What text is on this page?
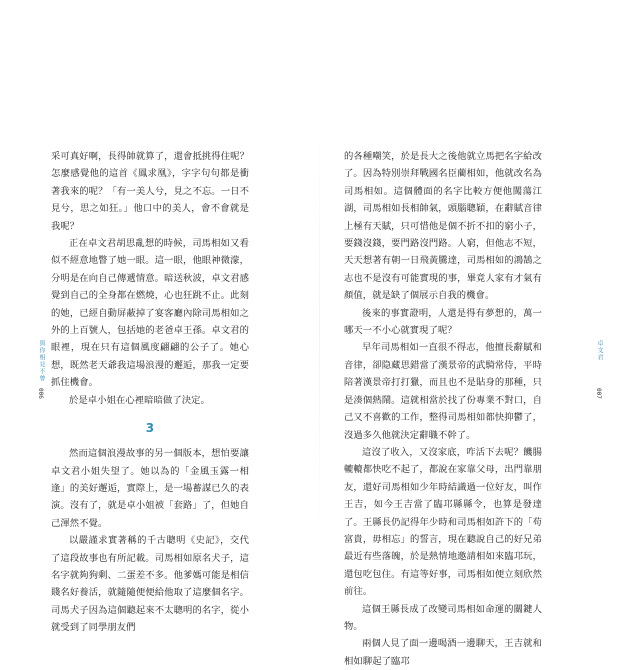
采可真好啊，長得帥就算了，還會抵挑得住呢？怎麼感覺他的這首《鳳求凰》，字字句句都是衝著我來的呢？「有一美人兮，見之不忘。一日不見兮，思之如狂。」他口中的美人，會不會就是我呢？

正在卓文君胡思亂想的時候，司馬相如又看似不經意地瞥了她一眼。這一眼，他眼神微濛，分明是在向自己傳遞情意。暗送秋波，卓文君感覺到自己的全身都在燃燒，心也狂跳不止。此刻的她，已經自動屏蔽掉了宴客廳內除司馬相如之外的上百號人，包括她的老爸卓王孫。卓文君的眼裡，現在只有這個風度翩翩的公子了。她心想，既然老天爺我這場浪漫的邂逅，那我一定要抓住機會。

於是卓小姐在心裡暗暗做了決定。

3

然而這個浪漫故事的另一個版本，想怕要讓卓文君小姐失望了。她以為的「金風玉露一相逢」的美好邂逅，實際上，是一場蓄謀已久的表演。沒有了，就是卓小姐被「套路」了，但她自己渾然不覺。

以嚴謹求實著稱的千古聰明《史記》，交代了這段故事也有所記載。司馬相如原名犬子，這名字就夠狗剩、二蛋差不多。他爹媽可能是相信賤名好養活，就隨隨便便給他取了這麼個名字。司馬犬子因為這個聽起來不太聰明的名字，從小就受到了同學朋友們

與你相見不曾
006

的各種嘲笑，於是長大之後他就立馬把名字給改了。因為特別崇拜戰國名臣藺相如，他就改名為司馬相如。這個體面的名字比較方便他闖蕩江湖，司馬相如長相帥氣，頭腦聰穎，在辭賦音律上極有天賦，只可惜他是個不折不扣的窮小子，要錢沒錢，要門路沒門路。人窮，但他志不短，天天想著有朝一日飛黃騰達，司馬相如的鴻鵠之志也不是沒有可能實現的事，畢竟人家有才氣有顏值，就是缺了個展示自我的機會。

後來的事實證明，人還是得有夢想的，萬一哪天一不小心就實現了呢？

早年司馬相如一直很不得志，他擅長辭賦和音律，卻隐藏思錯當了漢景帝的武騎常侍，平時陪著漢景帝打打獵，而且也不是貼身的那種，只是湊個熱鬧。這就相當於找了份專業不對口，自己又不喜歡的工作，整得司馬相如都快抑鬱了，沒過多久他就決定辭職不幹了。

這沒了收入，又沒家底，咋活下去呢？饑腸轆轆都快吃不起了，都說在家靠父母，出門靠朋友，還好司馬相如少年時結識過一位好友，叫作王吉，如今王吉當了臨邛縣縣令，也算是發達了。王縣長仍記得年少時和司馬相如許下的「苟富貴，毋相忘」的誓言，現在聽說自己的好兄弟最近有些落魄，於是熱情地邀請相如來臨邛玩，還包吃包住。有這等好事，司馬相如便立刻欣然前往。

這個王縣長成了改變司馬相如命運的關鍵人物。

兩個人見了面一邊喝酒一邊聊天，王吉就和相如聊起了臨邛

卓文君
007
